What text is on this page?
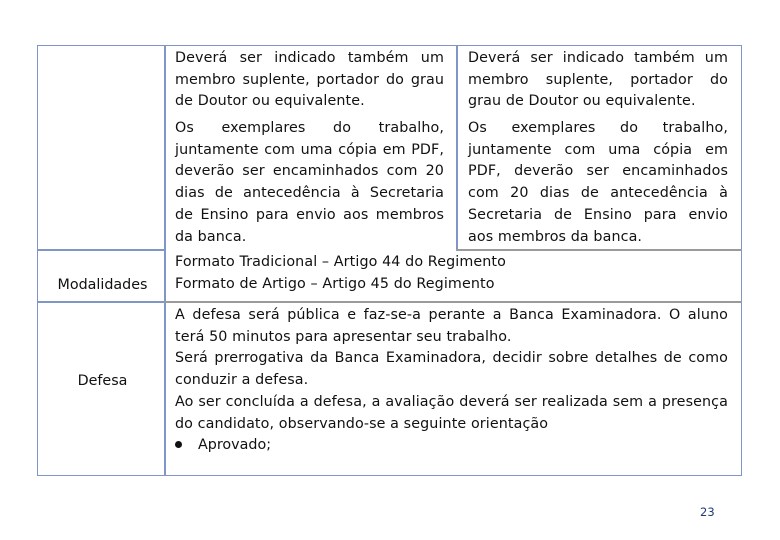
Deverá ser indicado também um membro suplente, portador do grau de Doutor ou equivalente.
Os exemplares do trabalho, juntamente com uma cópia em PDF, deverão ser encaminhados com 20 dias de antecedência à Secretaria de Ensino para envio aos membros da banca.
Deverá ser indicado também um membro suplente, portador do grau de Doutor ou equivalente.
Os exemplares do trabalho, juntamente com uma cópia em PDF, deverão ser encaminhados com 20 dias de antecedência à Secretaria de Ensino para envio aos membros da banca.
Modalidades
Formato Tradicional – Artigo 44 do Regimento
Formato de Artigo – Artigo 45 do Regimento
Defesa
A defesa será pública e faz-se-a perante a Banca Examinadora. O aluno terá 50 minutos para apresentar seu trabalho.
Será prerrogativa da Banca Examinadora, decidir sobre detalhes de como conduzir a defesa.
Ao ser concluída a defesa, a avaliação deverá ser realizada sem a presença do candidato, observando‑se a seguinte orientação
Aprovado;
23
